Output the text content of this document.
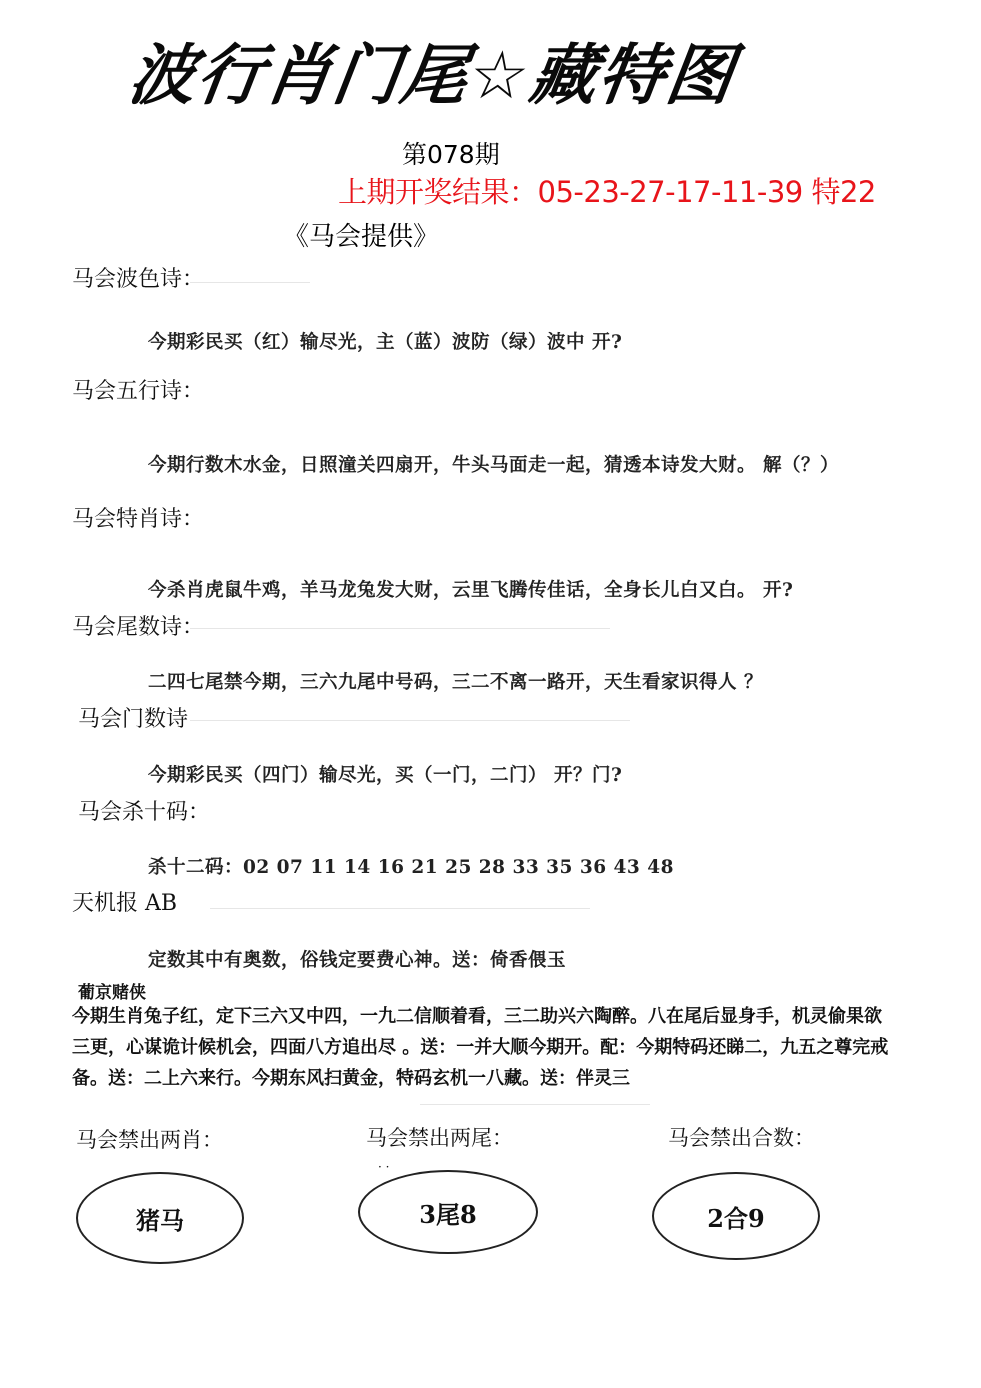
波行肖门尾☆藏特图
第078期
上期开奖结果：05-23-27-17-11-39 特22
《马会提供》
马会波色诗：
今期彩民买（红）输尽光，主（蓝）波防（绿）波中 开?
马会五行诗：
今期行数木水金，日照潼关四扇开，牛头马面走一起，猜透本诗发大财。 解（？）
马会特肖诗：
今杀肖虎鼠牛鸡，羊马龙兔发大财，云里飞腾传佳话，全身长儿白又白。 开?
马会尾数诗：
二四七尾禁今期，三六九尾中号码，三二不离一路开，天生看家识得人 ？
马会门数诗
今期彩民买（四门）输尽光，买（一门，二门） 开？门?
马会杀十码：
杀十二码：02 07 11 14 16 21 25 28 33 35 36 43 48
天机报 AB
定数其中有奥数，俗钱定要费心神。送：倚香偎玉
葡京赌侠
今期生肖兔子红，定下三六又中四，一九二信顺着看，三二助兴六陶醉。八在尾后显身手，机灵偷果欲三更，心谋诡计候机会，四面八方追出尽 。送：一并大顺今期开。配：今期特码还睇二，九五之尊完戒备。送：二上六来行。今期东风扫黄金，特码玄机一八藏。送：伴灵三
马会禁出两肖：	马会禁出两尾：	马会禁出合数：
· ·
猪马	3尾8	2合9
